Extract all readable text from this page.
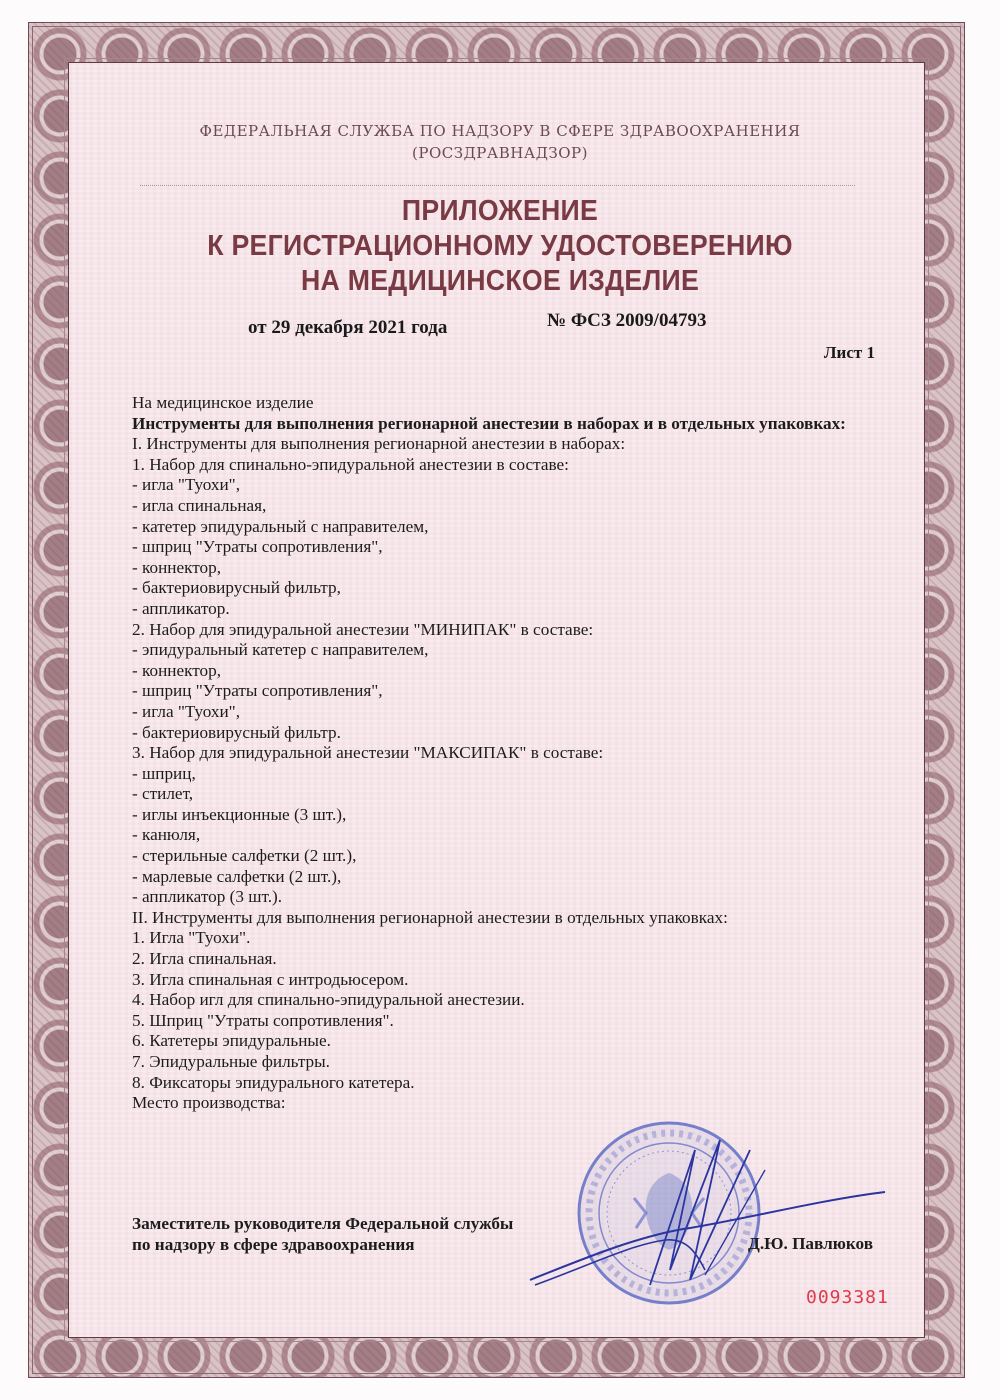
ФЕДЕРАЛЬНАЯ СЛУЖБА ПО НАДЗОРУ В СФЕРЕ ЗДРАВООХРАНЕНИЯ
(РОСЗДРАВНАДЗОР)
ПРИЛОЖЕНИЕ
К РЕГИСТРАЦИОННОМУ УДОСТОВЕРЕНИЮ
НА МЕДИЦИНСКОЕ ИЗДЕЛИЕ
от 29 декабря 2021 года	№ ФСЗ 2009/04793
Лист 1
На медицинское изделие
Инструменты для выполнения регионарной анестезии в наборах и в отдельных упаковках:
I. Инструменты для выполнения регионарной анестезии в наборах:
1. Набор для спинально-эпидуральной анестезии в составе:
- игла "Туохи",
- игла спинальная,
- катетер эпидуральный с направителем,
- шприц "Утраты сопротивления",
- коннектор,
- бактериовирусный фильтр,
- аппликатор.
2. Набор для эпидуральной анестезии "МИНИПАК" в составе:
- эпидуральный катетер с направителем,
- коннектор,
- шприц "Утраты сопротивления",
- игла "Туохи",
- бактериовирусный фильтр.
3. Набор для эпидуральной анестезии "МАКСИПАК" в составе:
- шприц,
- стилет,
- иглы инъекционные (3 шт.),
- канюля,
- стерильные салфетки (2 шт.),
- марлевые салфетки (2 шт.),
- аппликатор (3 шт.).
II. Инструменты для выполнения регионарной анестезии в отдельных упаковках:
1. Игла "Туохи".
2. Игла спинальная.
3. Игла спинальная с интродьюсером.
4. Набор игл для спинально-эпидуральной анестезии.
5. Шприц "Утраты сопротивления".
6. Катетеры эпидуральные.
7. Эпидуральные фильтры.
8. Фиксаторы эпидурального катетера.
Место производства:
Заместитель руководителя Федеральной службы
по надзору в сфере здравоохранения	Д.Ю. Павлюков
0093381
